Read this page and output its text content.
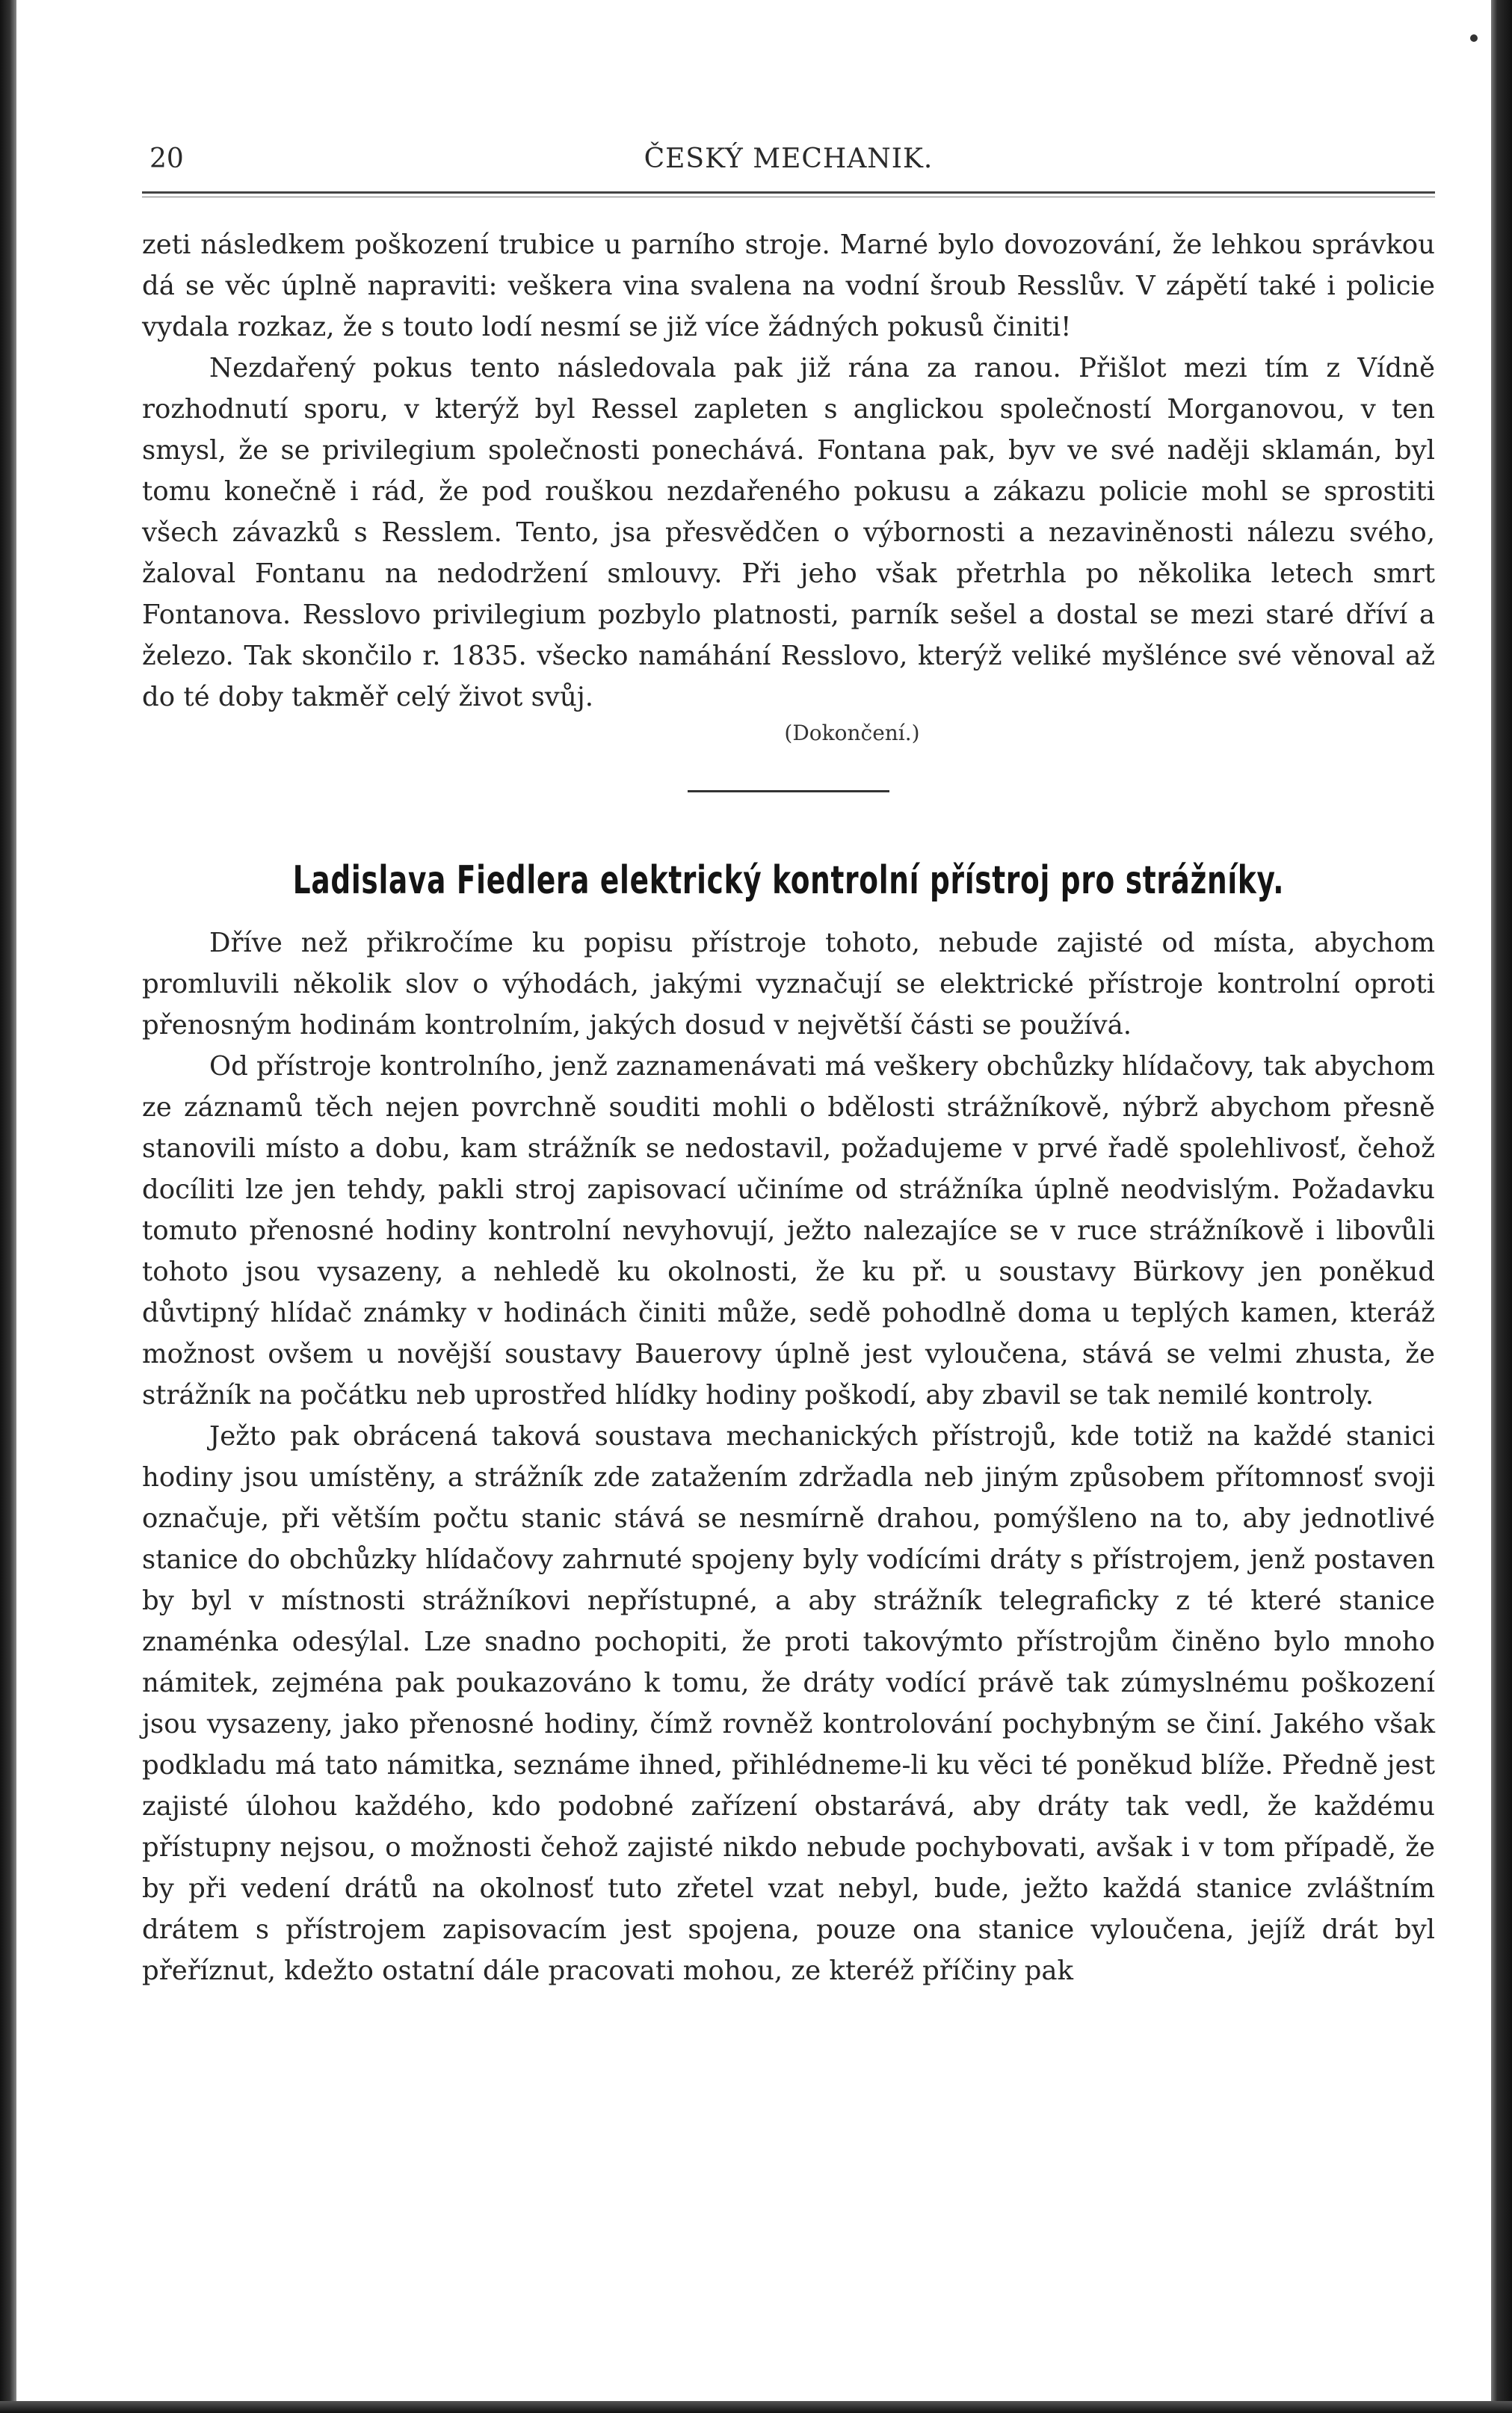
20	ČESKÝ MECHANIK.

zeti následkem poškození trubice u parního stroje. Marné bylo dovozování, že lehkou správkou dá se věc úplně napraviti: veškera vina svalena na vodní šroub Resslův. V zápětí také i policie vydala rozkaz, že s touto lodí nesmí se již více žádných pokusů činiti!

Nezdařený pokus tento následovala pak již rána za ranou. Přišlot mezi tím z Vídně rozhodnutí sporu, v kterýž byl Ressel zapleten s anglickou společností Morganovou, v ten smysl, že se privilegium společnosti ponechává. Fontana pak, byv ve své naději sklamán, byl tomu konečně i rád, že pod rouškou nezdařeného pokusu a zákazu policie mohl se sprostiti všech závazků s Resslem. Tento, jsa přesvědčen o výbornosti a nezaviněnosti nálezu svého, žaloval Fontanu na nedodržení smlouvy. Při jeho však přetrhla po několika letech smrt Fontanova. Resslovo privilegium pozbylo platnosti, parník sešel a dostal se mezi staré dříví a železo. Tak skončilo r. 1835. všecko namáhání Resslovo, kterýž veliké myšlénce své věnoval až do té doby takměř celý život svůj.

(Dokončení.)
Ladislava Fiedlera elektrický kontrolní přístroj pro strážníky.

Dříve než přikročíme ku popisu přístroje tohoto, nebude zajisté od místa, abychom promluvili několik slov o výhodách, jakými vyznačují se elektrické přístroje kontrolní oproti přenosným hodinám kontrolním, jakých dosud v největší části se používá.

Od přístroje kontrolního, jenž zaznamenávati má veškery obchůzky hlídačovy, tak abychom ze záznamů těch nejen povrchně souditi mohli o bdělosti strážníkově, nýbrž abychom přesně stanovili místo a dobu, kam strážník se nedostavil, požadujeme v prvé řadě spolehlivosť, čehož docíliti lze jen tehdy, pakli stroj zapisovací učiníme od strážníka úplně neodvislým. Požadavku tomuto přenosné hodiny kontrolní nevyhovují, ježto nalezajíce se v ruce strážníkově i libovůli tohoto jsou vysazeny, a nehledě ku okolnosti, že ku př. u soustavy Bürkovy jen poněkud důvtipný hlídač známky v hodinách činiti může, sedě pohodlně doma u teplých kamen, kteráž možnost ovšem u novější soustavy Bauerovy úplně jest vyloučena, stává se velmi zhusta, že strážník na počátku neb uprostřed hlídky hodiny poškodí, aby zbavil se tak nemilé kontroly.

Ježto pak obrácená taková soustava mechanických přístrojů, kde totiž na každé stanici hodiny jsou umístěny, a strážník zde zatažením zdržadla neb jiným způsobem přítomnosť svoji označuje, při větším počtu stanic stává se nesmírně drahou, pomýšleno na to, aby jednotlivé stanice do obchůzky hlídačovy zahrnuté spojeny byly vodícími dráty s přístrojem, jenž postaven by byl v místnosti strážníkovi nepřístupné, a aby strážník telegraficky z té které stanice znaménka odesýlal. Lze snadno pochopiti, že proti takovýmto přístrojům činěno bylo mnoho námitek, zejména pak poukazováno k tomu, že dráty vodící právě tak zúmyslnému poškození jsou vysazeny, jako přenosné hodiny, čímž rovněž kontrolování pochybným se činí. Jakého však podkladu má tato námitka, seznáme ihned, přihlédneme-li ku věci té poněkud blíže. Předně jest zajisté úlohou každého, kdo podobné zařízení obstarává, aby dráty tak vedl, že každému přístupny nejsou, o možnosti čehož zajisté nikdo nebude pochybovati, avšak i v tom případě, že by při vedení drátů na okolnosť tuto zřetel vzat nebyl, bude, ježto každá stanice zvláštním drátem s přístrojem zapisovacím jest spojena, pouze ona stanice vyloučena, jejíž drát byl přeříznut, kdežto ostatní dále pracovati mohou, ze kteréž příčiny pak
